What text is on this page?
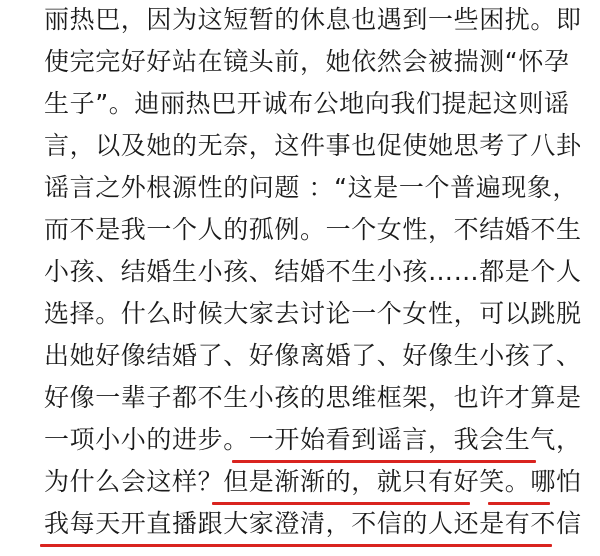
丽热巴，因为这短暂的休息也遇到一些困扰。即
使完完好好站在镜头前，她依然会被揣测“怀孕
生子”。迪丽热巴开诚布公地向我们提起这则谣
言，以及她的无奈，这件事也促使她思考了八卦
谣言之外根源性的问题 ：“这是一个普遍现象，
而不是我一个人的孤例。一个女性，不结婚不生
小孩、结婚生小孩、结婚不生小孩……都是个人
选择。什么时候大家去讨论一个女性，可以跳脱
出她好像结婚了、好像离婚了、好像生小孩了、
好像一辈子都不生小孩的思维框架，也许才算是
一项小小的进步。一开始看到谣言，我会生气，
为什么会这样？但是渐渐的，就只有好笑。哪怕
我每天开直播跟大家澄清，不信的人还是有不信
